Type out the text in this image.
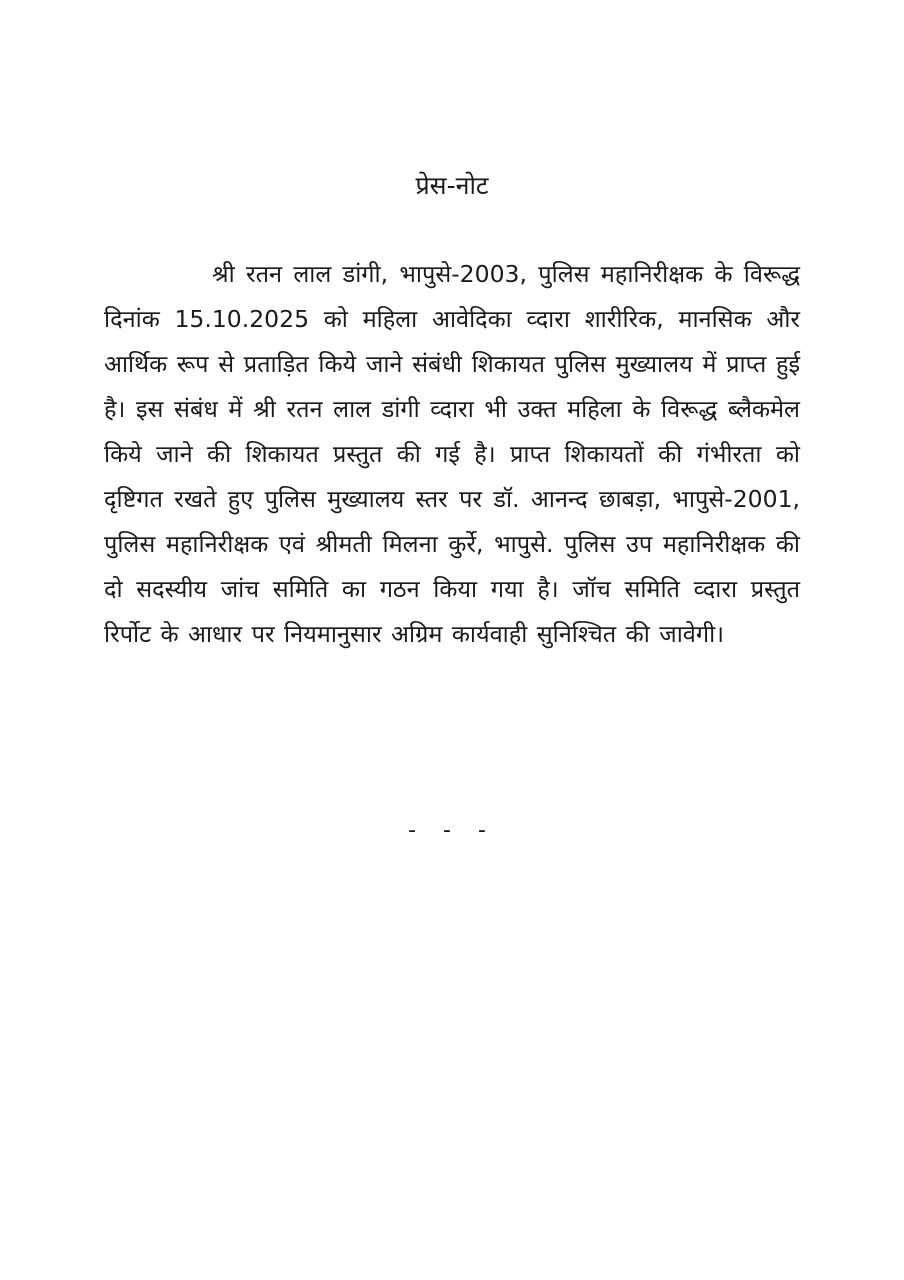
प्रेस-नोट

श्री रतन लाल डांगी, भापुसे-2003, पुलिस महानिरीक्षक के विरूद्ध दिनांक 15.10.2025 को महिला आवेदिका व्दारा शारीरिक, मानसिक और आर्थिक रूप से प्रताड़ित किये जाने संबंधी शिकायत पुलिस मुख्यालय में प्राप्त हुई है। इस संबंध में श्री रतन लाल डांगी व्दारा भी उक्त महिला के विरूद्ध ब्लैकमेल किये जाने की शिकायत प्रस्तुत की गई है। प्राप्त शिकायतों की गंभीरता को दृष्टिगत रखते हुए पुलिस मुख्यालय स्तर पर डॉ. आनन्द छाबड़ा, भापुसे-2001, पुलिस महानिरीक्षक एवं श्रीमती मिलना कुर्रे, भापुसे. पुलिस उप महानिरीक्षक की दो सदस्यीय जांच समिति का गठन किया गया है। जॉच समिति व्दारा प्रस्तुत रिर्पोट के आधार पर नियमानुसार अग्रिम कार्यवाही सुनिश्चित की जावेगी।

- - -
